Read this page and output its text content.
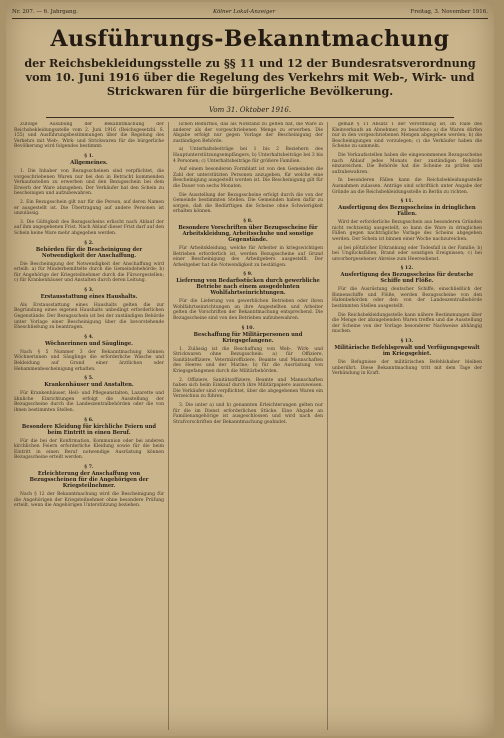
Nr. 207. — 6. Jahrgang.	Kölner Lokal-Anzeiger	Freitag, 3. November 1916.
Ausführungs-Bekanntmachung
der Reichsbekleidungsstelle zu §§ 11 und 12 der Bundesratsverordnung vom 10. Juni 1916 über die Regelung des Verkehrs mit Web-, Wirk- und Strickwaren für die bürgerliche Bevölkerung.
Vom 31. Oktober 1916.
Zufolge Ausübung der Bekanntmachung der Reichsbekleidungsstelle vom 2. Juni 1916 (Reichsgesetzbl. S. 155) und Ausführungsbestimmungen über die Regelung des Verkehrs mit Web-, Wirk- und Strickwaren für die bürgerliche Bevölkerung wird folgendes bestimmt:
§ 1.
Allgemeines.
1. Die Inhaber von Bezugsscheinen sind verpflichtet, die vorgeschriebenen Waren nur bei den in Betracht kommenden Verkaufsstellen zu erwerben und den Bezugsschein bei dem Erwerb der Ware abzugeben. Der Verkäufer hat den Schein zu bescheinigen und aufzubewahren.
2. Ein Bezugsschein gilt nur für die Person, auf deren Namen er ausgestellt ist. Die Übertragung auf andere Personen ist unzulässig.
3. Die Gültigkeit des Bezugsscheins erlischt nach Ablauf der auf ihm angegebenen Frist. Nach Ablauf dieser Frist darf auf den Schein keine Ware mehr abgegeben werden.
§ 2.
Behörden für die Bescheinigung der Notwendigkeit der Anschaffung.
Die Bescheinigung der Notwendigkeit der Anschaffung wird erteilt: a) für Minderbemittelte durch die Gemeindebehörde; b) für Angehörige der Kriegsteilnehmer durch die Fürsorgestellen; c) für Krankenhäuser und Anstalten durch deren Leitung.
§ 3.
Erstausstattung eines Haushalts.
Als Erstausstattung eines Haushalts gelten die zur Begründung eines eigenen Haushalts unbedingt erforderlichen Gegenstände. Der Bezugsschein ist bei der zuständigen Behörde unter Vorlage einer Bescheinigung über die bevorstehende Eheschließung zu beantragen.
§ 4.
Wöchnerinnen und Säuglinge.
Nach § 5 Nummer 3 der Bekanntmachung können Wöchnerinnen und Säuglinge die erforderliche Wäsche und Bekleidung auf Grund einer ärztlichen oder Hebammenbescheinigung erhalten.
§ 5.
Krankenhäuser und Anstalten.
Für Krankenhäuser, Heil- und Pflegeanstalten, Lazarette und ähnliche Einrichtungen erfolgt die Ausstellung der Bezugsscheine durch die Landeszentralbehörden oder die von ihnen bestimmten Stellen.
§ 6.
Besondere Kleidung für kirchliche Feiern und beim Eintritt in einen Beruf.
Für die bei der Konfirmation, Kommunion oder bei anderen kirchlichen Feiern erforderliche Kleidung sowie für die beim Eintritt in einen Beruf notwendige Ausrüstung können Bezugsscheine erteilt werden.
§ 7.
Erleichterung der Anschaffung von Bezugsscheinen für die Angehörigen der Kriegsteilnehmer.
Nach § 12 der Bekanntmachung wird die Bescheinigung für die Angehörigen der Kriegsteilnehmer ohne besondere Prüfung erteilt, wenn die Angehörigen Unterstützung beziehen.
lichen Bedürfnis, das als Notstand zu gelten hat, die Ware in anderer als der vorgeschriebenen Menge zu erwerben. Die Abgabe erfolgt nur gegen Vorlage der Bescheinigung der zuständigen Behörde.
a) Unterhaltsbeiträge bei 1 bis 2 Beziehern des Hauptunterstützungsempfängers; b) Unterhaltsbeiträge bei 3 bis 4 Personen; c) Unterhaltsbeiträge für größere Familien.
Auf einem besonderen Formblatt ist von den Gemeinden die Zahl der unterstützten Personen anzugeben, für welche eine Bescheinigung ausgestellt worden ist. Die Bescheinigung gilt für die Dauer von sechs Monaten.
Die Ausstellung der Bezugsscheine erfolgt durch die von der Gemeinde bestimmten Stellen. Die Gemeinden haben dafür zu sorgen, daß die Bedürftigen die Scheine ohne Schwierigkeit erhalten können.
§ 8.
Besondere Vorschriften über Bezugsscheine für Arbeitskleidung, Arbeitsschuhe und sonstige Gegenstände.
Für Arbeitskleidung, welche für Arbeiter in kriegswichtigen Betrieben erforderlich ist, werden Bezugsscheine auf Grund einer Bescheinigung des Arbeitgebers ausgestellt. Der Arbeitgeber hat die Notwendigkeit zu bestätigen.
§ 9.
Lieferung von Bedarfsstücken durch gewerbliche Betriebe nach einem ausgedehnten Wohlfahrtseinrichtungen.
Für die Lieferung von gewerblichen Betrieben oder ihren Wohlfahrtseinrichtungen an ihre Angestellten und Arbeiter gelten die Vorschriften der Bekanntmachung entsprechend. Die Bezugsscheine sind von den Betrieben aufzubewahren.
§ 10.
Beschaffung für Militärpersonen und Kriegsgefangene.
1. Zulässig ist die Beschaffung von Web-, Wirk- und Strickwaren ohne Bezugsschein: a) für Offiziere, Sanitätsoffiziere, Veterinäroffiziere, Beamte und Mannschaften des Heeres und der Marine; b) für die Ausrüstung von Kriegsgefangenen durch die Militärbehörden.
2. Offiziere, Sanitätsoffiziere, Beamte und Mannschaften haben sich beim Einkauf durch ihre Militärpapiere auszuweisen. Die Verkäufer sind verpflichtet, über die abgegebenen Waren ein Verzeichnis zu führen.
3. Die unter a) und b) genannten Erleichterungen gelten nur für die im Dienst erforderlichen Stücke. Eine Abgabe an Familienangehörige ist ausgeschlossen und wird nach den Strafvorschriften der Bekanntmachung geahndet.
gemäß § 11 Absatz 1 der Verordnung ist, im Falle des Kleinverkaufs an Abnehmer, zu beachten: a) die Waren dürfen nur in den vorgeschriebenen Mengen abgegeben werden; b) die Bescheinigungen sind vorzulegen; c) die Verkäufer haben die Scheine zu sammeln.
Die Verkaufsstellen haben die eingenommenen Bezugsscheine nach Ablauf jedes Monats der zuständigen Behörde einzureichen. Die Behörde hat die Scheine zu prüfen und aufzubewahren.
In besonderen Fällen kann die Reichsbekleidungsstelle Ausnahmen zulassen. Anträge sind schriftlich unter Angabe der Gründe an die Reichsbekleidungsstelle in Berlin zu richten.
§ 11.
Ausfertigung des Bezugsscheins in dringlichen Fällen.
Wird der erforderliche Bezugsschein aus besonderen Gründen nicht rechtzeitig ausgestellt, so kann die Ware in dringlichen Fällen gegen nachträgliche Vorlage des Scheins abgegeben werden. Der Schein ist binnen einer Woche nachzureichen.
a) bei plötzlicher Erkrankung oder Todesfall in der Familie; b) bei Unglücksfällen, Brand oder sonstigen Ereignissen; c) bei unvorhergesehener Abreise zum Heeresdienst.
§ 12.
Ausfertigung des Bezugsscheins für deutsche Schiffe und Flöße.
Für die Ausrüstung deutscher Schiffe, einschließlich der Binnenschiffe und Flöße, werden Bezugsscheine von den Hafenbehörden oder den von der Landeszentralbehörde bestimmten Stellen ausgestellt.
Die Reichsbekleidungsstelle kann nähere Bestimmungen über die Menge der abzugebenden Waren treffen und die Ausstellung der Scheine von der Vorlage besonderer Nachweise abhängig machen.
§ 13.
Militärische Befehlsgewalt und Verfügungsgewalt im Kriegsgebiet.
Die Befugnisse der militärischen Befehlshaber bleiben unberührt. Diese Bekanntmachung tritt mit dem Tage der Verkündung in Kraft.
